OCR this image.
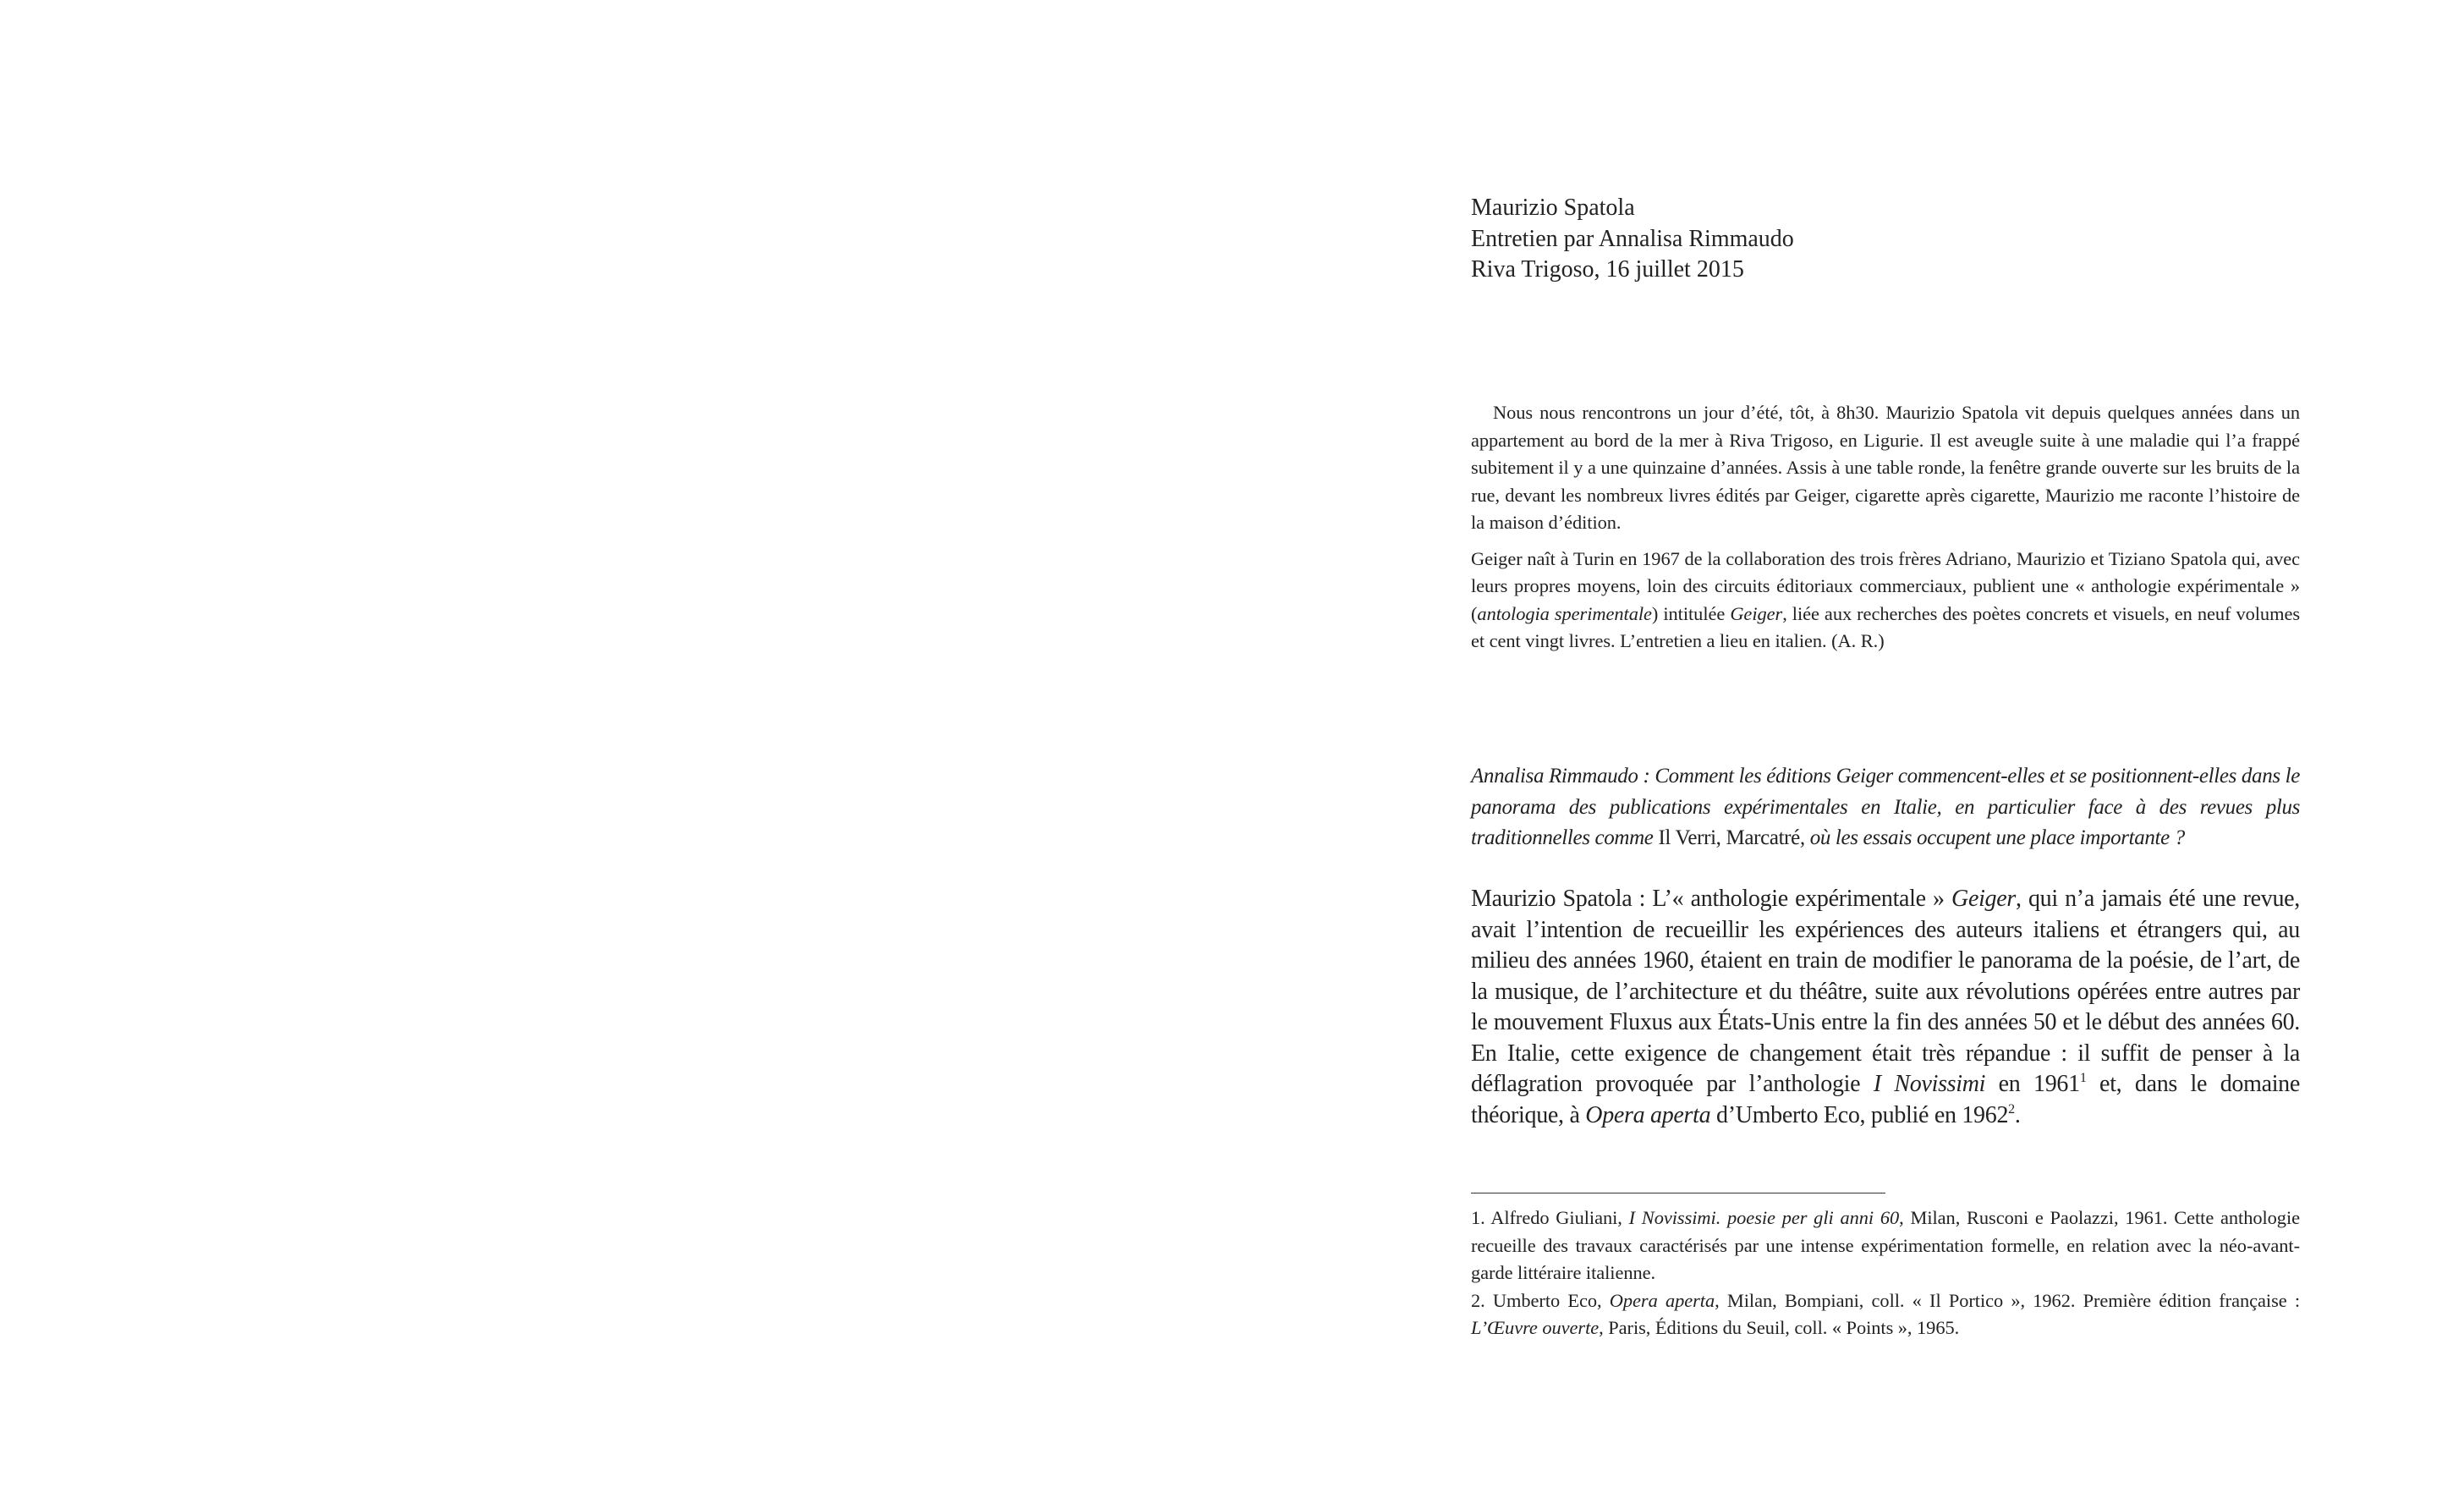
Maurizio Spatola
Entretien par Annalisa Rimmaudo
Riva Trigoso, 16 juillet 2015

Nous nous rencontrons un jour d’été, tôt, à 8h30. Maurizio Spatola vit depuis quelques années dans un appartement au bord de la mer à Riva Trigoso, en Ligurie. Il est aveugle suite à une maladie qui l’a frappé subitement il y a une quinzaine d’années. Assis à une table ronde, la fenêtre grande ouverte sur les bruits de la rue, devant les nombreux livres édités par Geiger, cigarette après cigarette, Maurizio me raconte l’histoire de la maison d’édition.

Geiger naît à Turin en 1967 de la collaboration des trois frères Adriano, Maurizio et Tiziano Spatola qui, avec leurs propres moyens, loin des circuits éditoriaux commerciaux, publient une « anthologie expérimentale » (antologia sperimentale) intitulée Geiger, liée aux recherches des poètes concrets et visuels, en neuf volumes et cent vingt livres. L’entretien a lieu en italien. (A. R.)

Annalisa Rimmaudo : Comment les éditions Geiger commencent-elles et se positionnent-elles dans le panorama des publications expérimentales en Italie, en particulier face à des revues plus traditionnelles comme Il Verri, Marcatré, où les essais occupent une place importante ?
Maurizio Spatola : L’« anthologie expérimentale » Geiger, qui n’a jamais été une revue, avait l’intention de recueillir les expériences des auteurs italiens et étrangers qui, au milieu des années 1960, étaient en train de modifier le panorama de la poésie, de l’art, de la musique, de l’architecture et du théâtre, suite aux révolutions opérées entre autres par le mouvement Fluxus aux États-Unis entre la fin des années 50 et le début des années 60. En Italie, cette exigence de changement était très répandue : il suffit de penser à la déflagration provoquée par l’anthologie I Novissimi en 1961$^1$ et, dans le domaine théorique, à Opera aperta d’Umberto Eco, publié en 1962$^2$.

1. Alfredo Giuliani, I Novissimi. poesie per gli anni 60, Milan, Rusconi e Paolazzi, 1961. Cette anthologie recueille des travaux caractérisés par une intense expérimentation formelle, en relation avec la néo-avant-garde littéraire italienne.

2. Umberto Eco, Opera aperta, Milan, Bompiani, coll. « Il Portico », 1962. Première édition française : L’Œuvre ouverte, Paris, Éditions du Seuil, coll. « Points », 1965.
